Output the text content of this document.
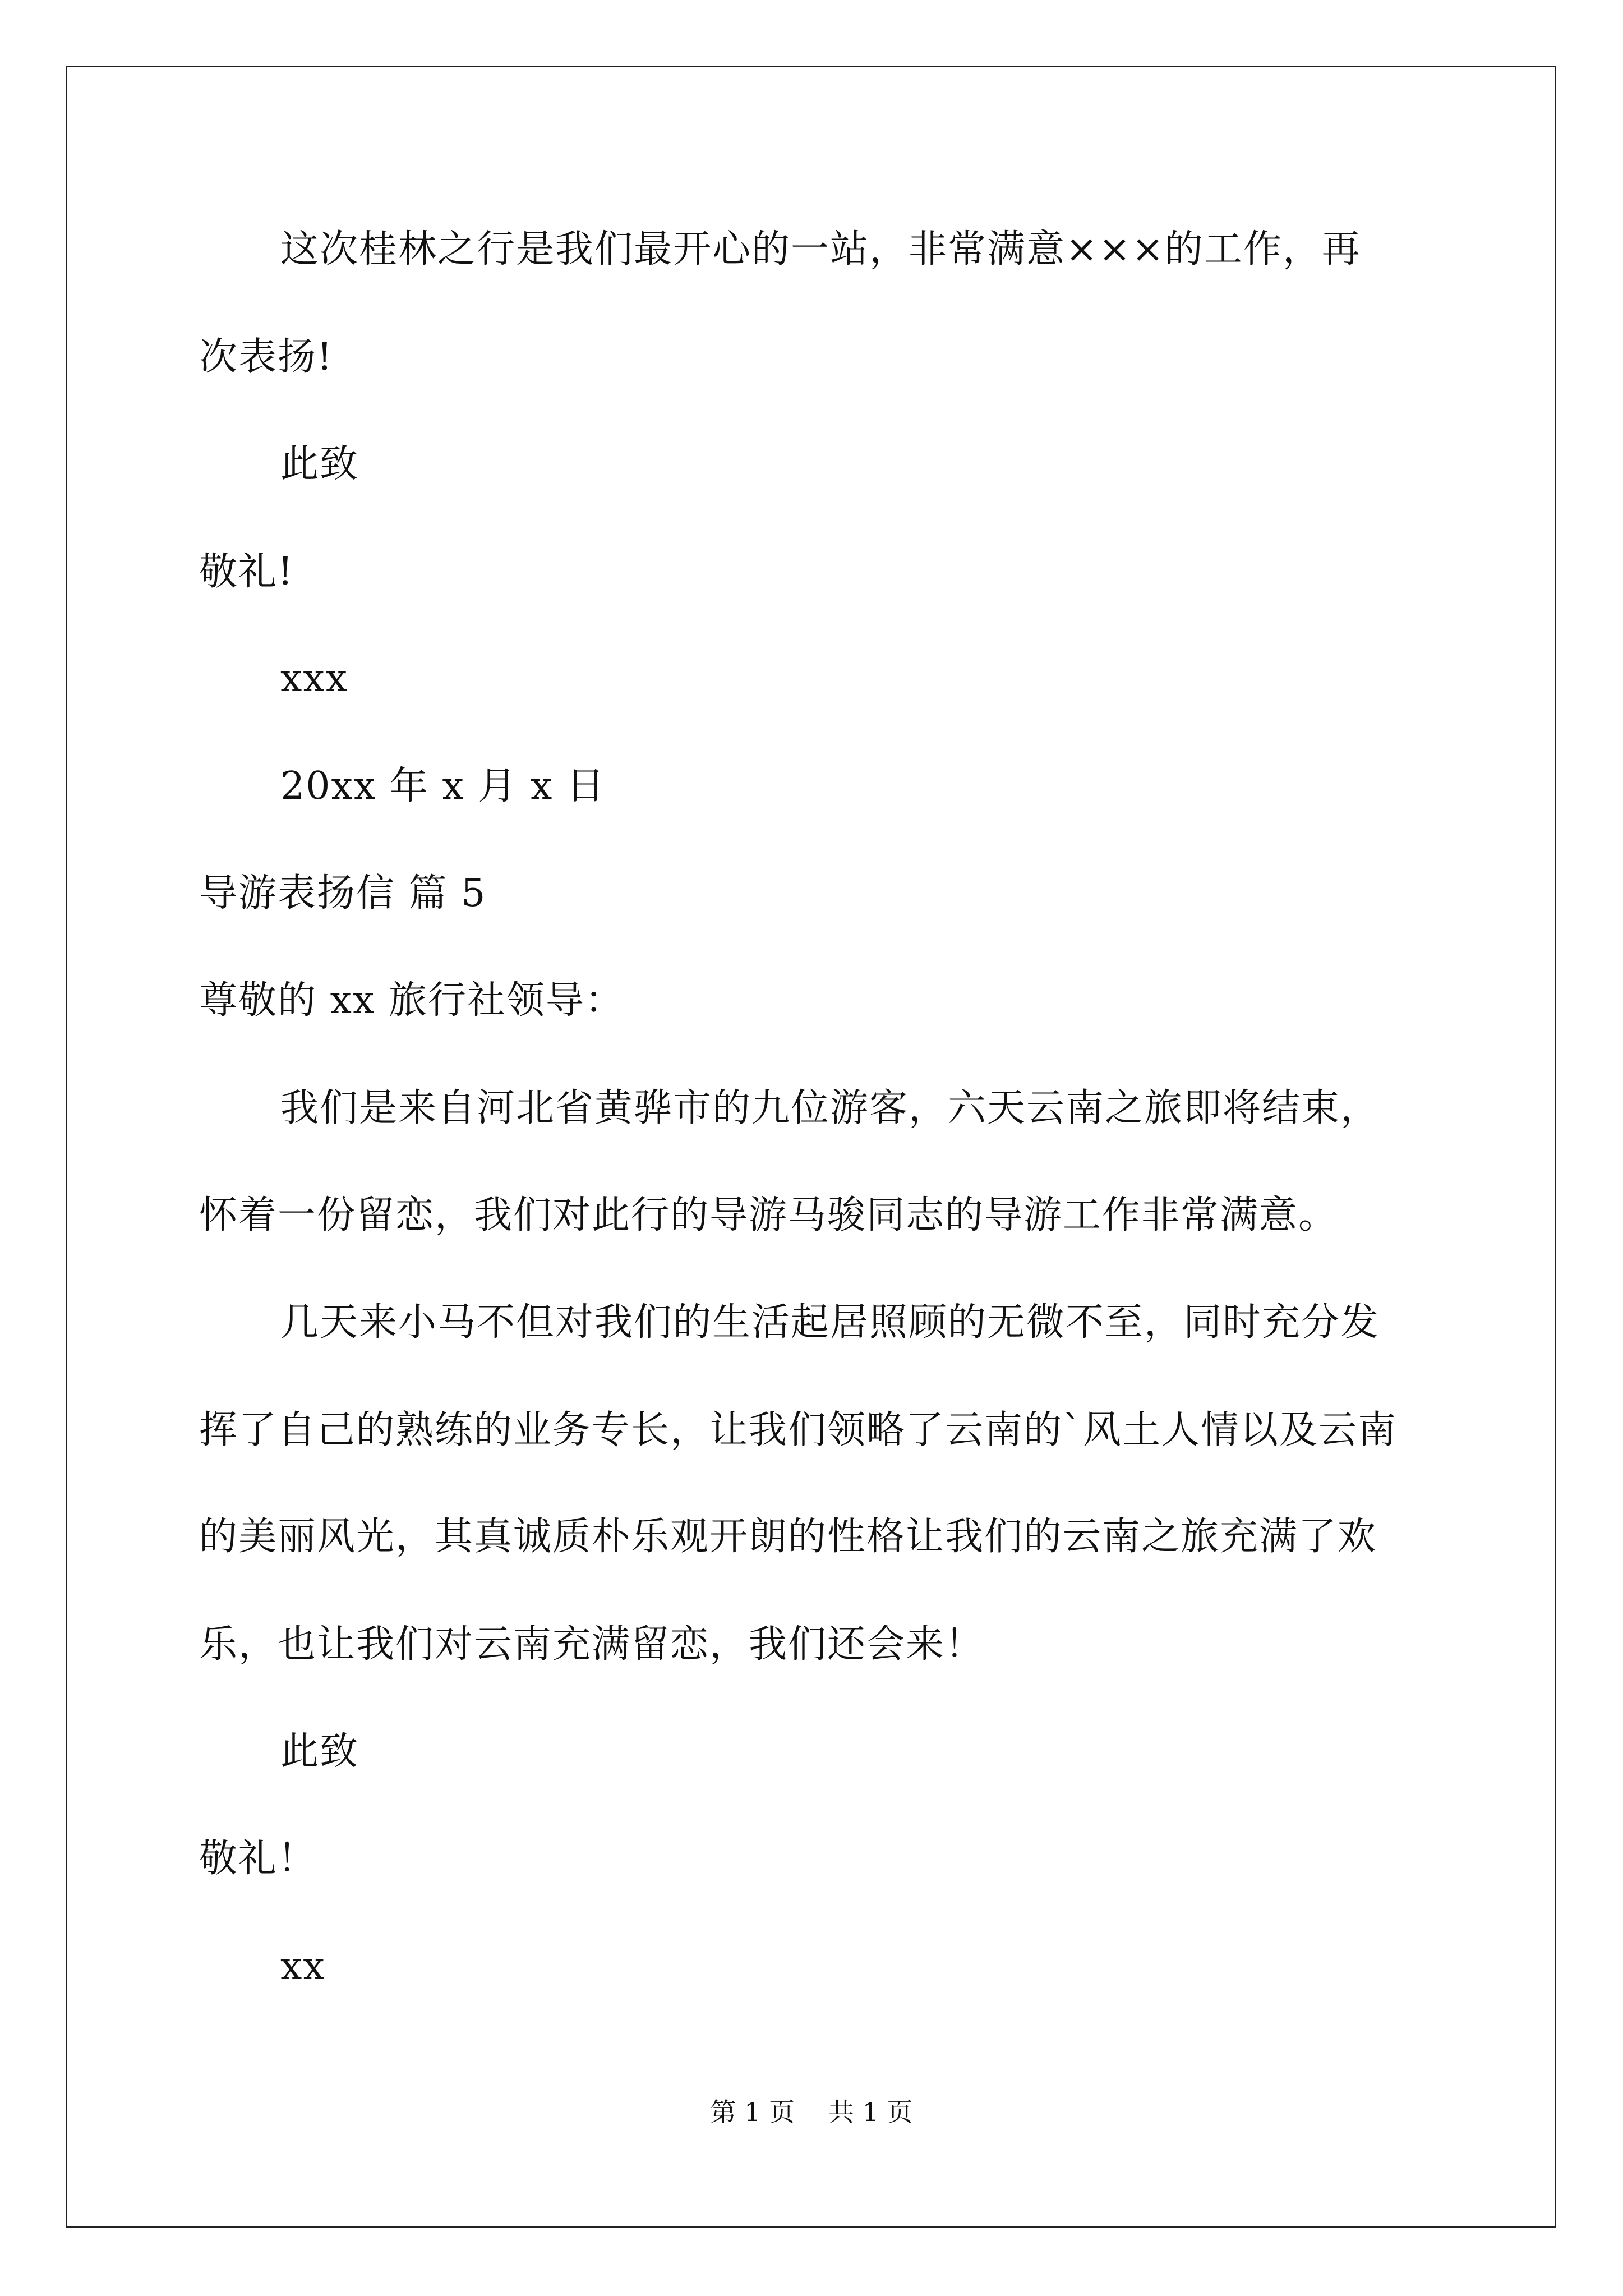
这次桂林之行是我们最开心的一站，非常满意×××的工作，再
次表扬!
此致
敬礼!
xxx
20xx 年 x 月 x 日
导游表扬信 篇 5
尊敬的 xx 旅行社领导：
我们是来自河北省黄骅市的九位游客，六天云南之旅即将结束，
怀着一份留恋，我们对此行的导游马骏同志的导游工作非常满意。
几天来小马不但对我们的生活起居照顾的无微不至，同时充分发
挥了自己的熟练的业务专长，让我们领略了云南的`风土人情以及云南
的美丽风光，其真诚质朴乐观开朗的性格让我们的云南之旅充满了欢
乐，也让我们对云南充满留恋，我们还会来！
此致
敬礼！
xx
第 1 页 共 1 页
